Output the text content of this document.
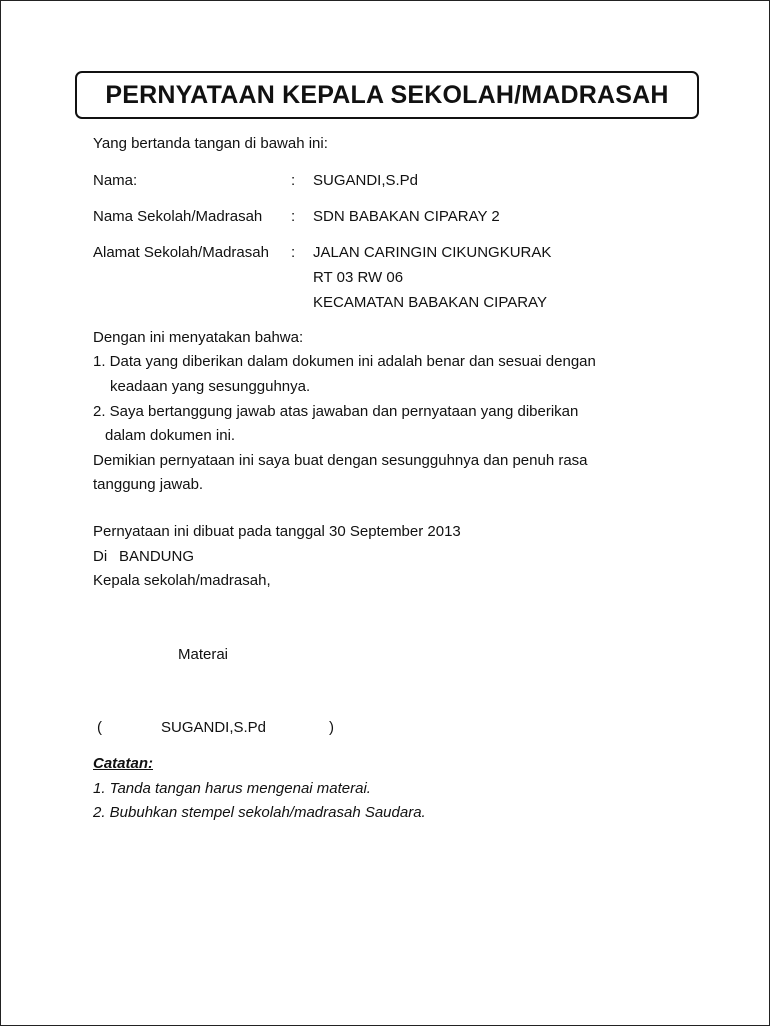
PERNYATAAN KEPALA SEKOLAH/MADRASAH
Yang bertanda tangan di bawah ini:
Nama:	: SUGANDI,S.Pd
Nama Sekolah/Madrasah : SDN BABAKAN CIPARAY 2
Alamat Sekolah/Madrasah : JALAN CARINGIN CIKUNGKURAK
RT 03 RW 06
KECAMATAN BABAKAN CIPARAY
Dengan ini menyatakan bahwa:
1. Data yang diberikan dalam dokumen ini adalah benar dan sesuai dengan
keadaan yang sesungguhnya.
2. Saya bertanggung jawab atas jawaban dan pernyataan yang diberikan
dalam dokumen ini.
Demikian pernyataan ini saya buat dengan sesungguhnya dan penuh rasa
tanggung jawab.
Pernyataan ini dibuat pada tanggal 30 September 2013
Di BANDUNG
Kepala sekolah/madrasah,
Materai
(	SUGANDI,S.Pd	)
Catatan:
1. Tanda tangan harus mengenai materai.
2. Bubuhkan stempel sekolah/madrasah Saudara.
